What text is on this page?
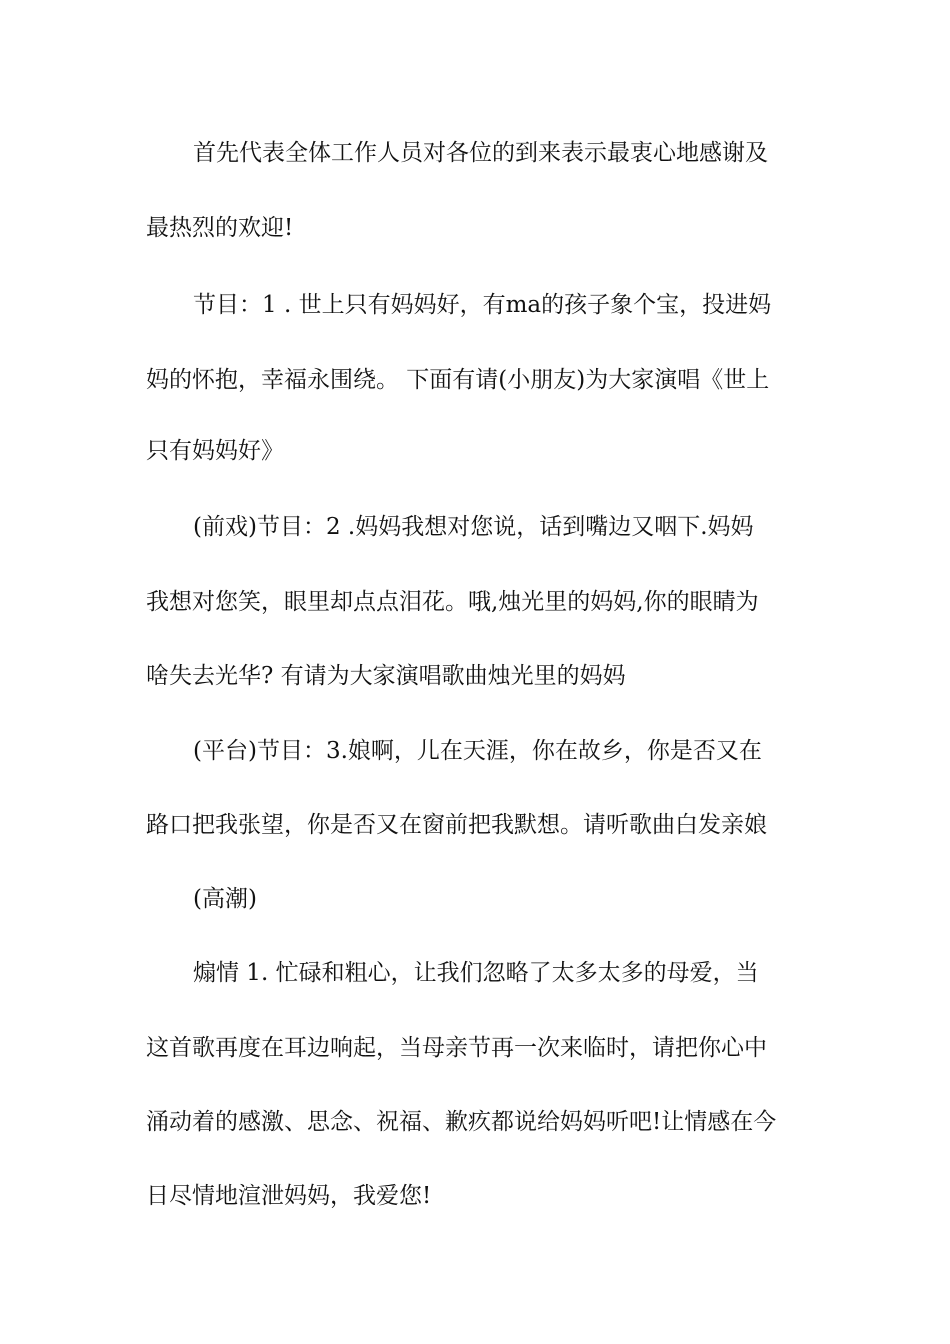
首先代表全体工作人员对各位的到来表示最衷心地感谢及
最热烈的欢迎!
节目：1 . 世上只有妈妈好，有ma的孩子象个宝，投进妈
妈的怀抱，幸福永围绕。 下面有请(小朋友)为大家演唱《世上
只有妈妈好》
(前戏)节目：2 .妈妈我想对您说，话到嘴边又咽下.妈妈
我想对您笑，眼里却点点泪花。哦,烛光里的妈妈,你的眼睛为
啥失去光华? 有请为大家演唱歌曲烛光里的妈妈
(平台)节目：3.娘啊，儿在天涯，你在故乡，你是否又在
路口把我张望，你是否又在窗前把我默想。请听歌曲白发亲娘
(高潮)
煽情 1. 忙碌和粗心，让我们忽略了太多太多的母爱，当
这首歌再度在耳边响起，当母亲节再一次来临时，请把你心中
涌动着的感激、思念、祝福、歉疚都说给妈妈听吧!让情感在今
日尽情地渲泄妈妈，我爱您!
